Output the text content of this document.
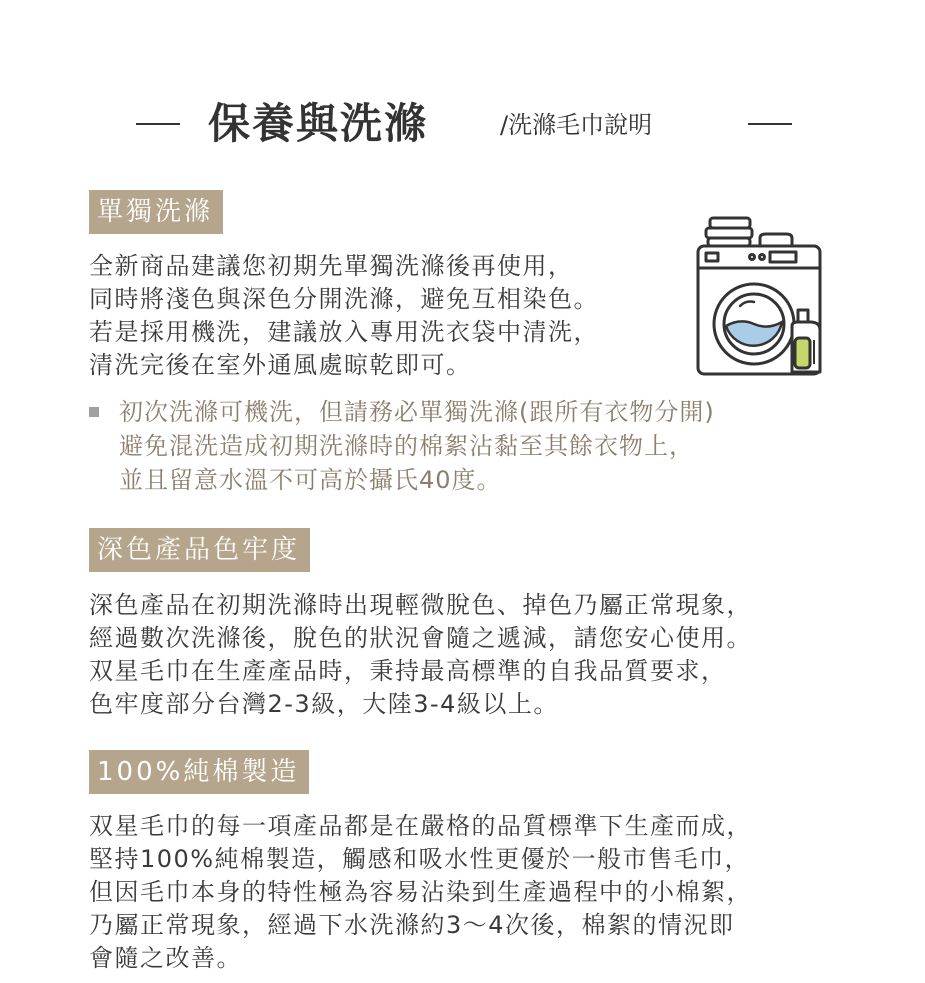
保養與洗滌	/洗滌毛巾說明
單獨洗滌
全新商品建議您初期先單獨洗滌後再使用，
同時將淺色與深色分開洗滌，避免互相染色。
若是採用機洗，建議放入專用洗衣袋中清洗，
清洗完後在室外通風處晾乾即可。
初次洗滌可機洗，但請務必單獨洗滌(跟所有衣物分開)
避免混洗造成初期洗滌時的棉絮沾黏至其餘衣物上，
並且留意水溫不可高於攝氏40度。
深色產品色牢度
深色產品在初期洗滌時出現輕微脫色、掉色乃屬正常現象，
經過數次洗滌後，脫色的狀況會隨之遞減，請您安心使用。
双星毛巾在生產產品時，秉持最高標準的自我品質要求，
色牢度部分台灣2-3級，大陸3-4級以上。
100%純棉製造
双星毛巾的每一項產品都是在嚴格的品質標準下生產而成，
堅持100%純棉製造，觸感和吸水性更優於一般市售毛巾，
但因毛巾本身的特性極為容易沾染到生產過程中的小棉絮，
乃屬正常現象，經過下水洗滌約3～4次後，棉絮的情況即
會隨之改善。
